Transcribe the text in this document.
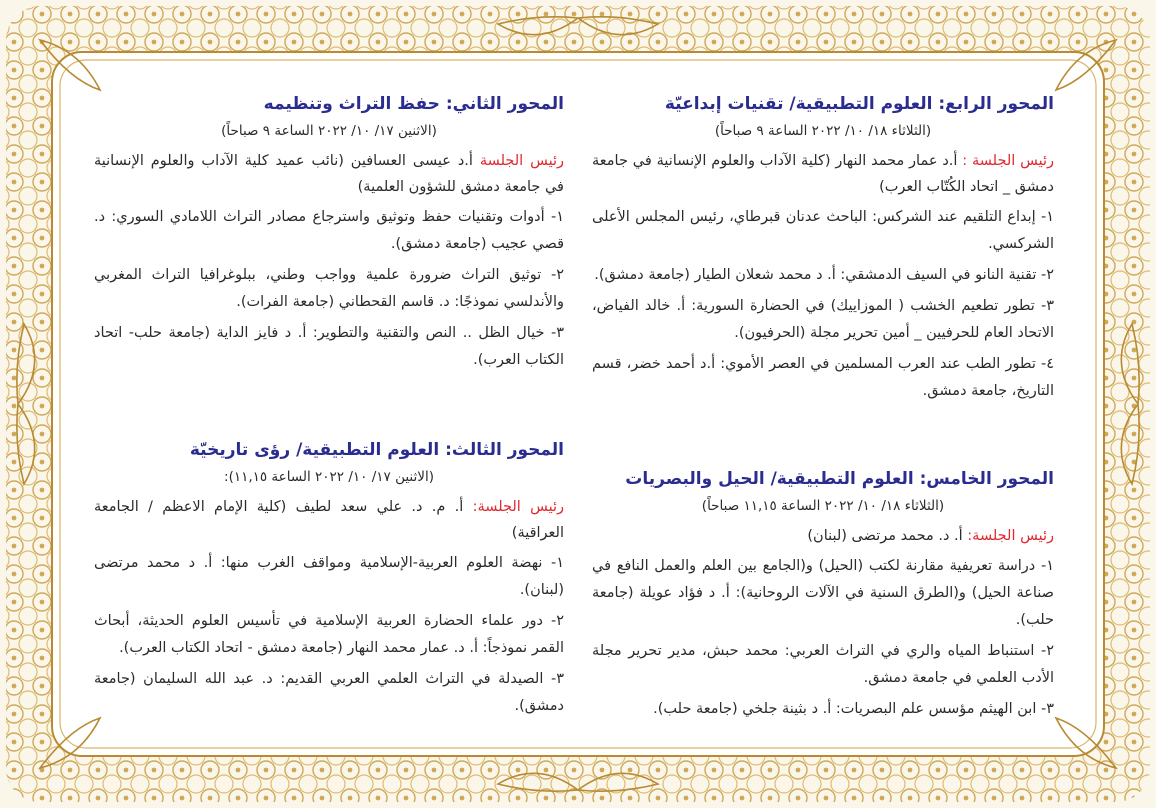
المحور الرابع: العلوم التطبيقية/ تقنيات إبداعيّة
(الثلاثاء ١٨/ ١٠/ ٢٠٢٢ الساعة ٩ صباحاً)
رئيس الجلسة : أ.د عمار محمد النهار (كلية الآداب والعلوم الإنسانية في جامعة دمشق _ اتحاد الكُتّاب العرب)
١- إبداع التلقيم عند الشركس: الباحث عدنان قبرطاي، رئيس المجلس الأعلى الشركسي.
٢- تقنية النانو في السيف الدمشقي: أ. د محمد شعلان الطيار (جامعة دمشق).
٣- تطور تطعيم الخشب ( الموزاييك) في الحضارة السورية: أ. خالد الفياض، الاتحاد العام للحرفيين _ أمين تحرير مجلة (الحرفيون).
٤- تطور الطب عند العرب المسلمين في العصر الأموي: أ.د أحمد خضر، قسم التاريخ، جامعة دمشق.
المحور الخامس: العلوم التطبيقية/ الحيل والبصريات
(الثلاثاء ١٨/ ١٠/ ٢٠٢٢ الساعة ١١,١٥ صباحاً)
رئيس الجلسة: أ. د. محمد مرتضى (لبنان)
١- دراسة تعريفية مقارنة لكتب (الحيل) و(الجامع بين العلم والعمل النافع في صناعة الحيل) و(الطرق السنية في الآلات الروحانية): أ. د فؤاد عويلة (جامعة حلب).
٢- استنباط المياه والري في التراث العربي: محمد حبش، مدير تحرير مجلة الأدب العلمي في جامعة دمشق.
٣- ابن الهيثم مؤسس علم البصريات: أ. د بثينة جلخي (جامعة حلب).
المحور الثاني: حفظ التراث وتنظيمه
(الاثنين ١٧/ ١٠/ ٢٠٢٢ الساعة ٩ صباحاً)
رئيس الجلسة أ.د عيسى العسافين (نائب عميد كلية الآداب والعلوم الإنسانية في جامعة دمشق للشؤون العلمية)
١- أدوات وتقنيات حفظ وتوثيق واسترجاع مصادر التراث اللامادي السوري: د. قصي عجيب (جامعة دمشق).
٢- توثيق التراث ضرورة علمية وواجب وطني، ببلوغرافيا التراث المغربي والأندلسي نموذجًا: د. قاسم القحطاني (جامعة الفرات).
٣- خيال الظل .. النص والتقنية والتطوير: أ. د فايز الداية (جامعة حلب- اتحاد الكتاب العرب).
المحور الثالث: العلوم التطبيقية/ رؤى تاريخيّة
(الاثنين ١٧/ ١٠/ ٢٠٢٢ الساعة ١١,١٥):
رئيس الجلسة: أ. م. د. علي سعد لطيف (كلية الإمام الاعظم / الجامعة العراقية)
١- نهضة العلوم العربية-الإسلامية ومواقف الغرب منها: أ. د محمد مرتضى (لبنان).
٢- دور علماء الحضارة العربية الإسلامية في تأسيس العلوم الحديثة، أبحاث القمر نموذجاً: أ. د. عمار محمد النهار (جامعة دمشق - اتحاد الكتاب العرب).
٣- الصيدلة في التراث العلمي العربي القديم: د. عبد الله السليمان (جامعة دمشق).
